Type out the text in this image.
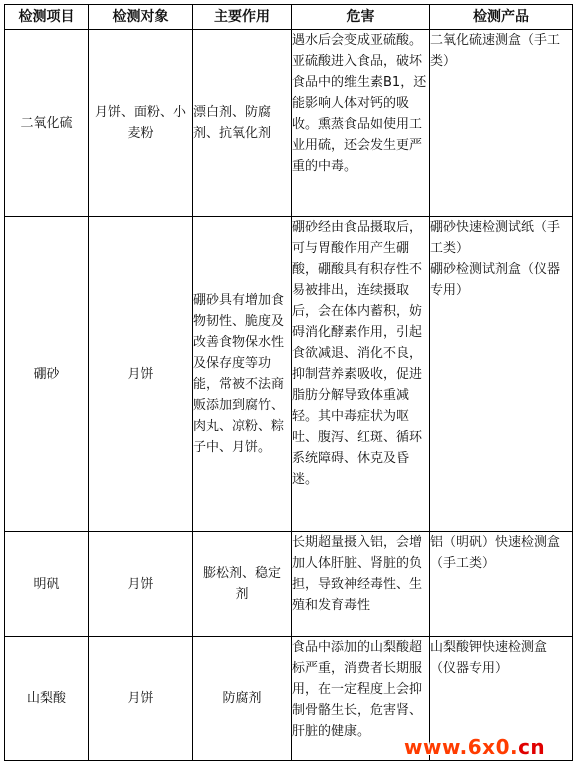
检测项目	检测对象	主要作用	危害	检测产品
二氧化硫	月饼、面粉、小麦粉	漂白剂、防腐剂、抗氧化剂	遇水后会变成亚硫酸。亚硫酸进入食品，破坏食品中的维生素B1，还能影响人体对钙的吸收。熏蒸食品如使用工业用硫，还会发生更严重的中毒。	二氧化硫速测盒（手工类）

硼砂	月饼	硼砂具有增加食物韧性、脆度及改善食物保水性及保存度等功能，常被不法商贩添加到腐竹、肉丸、凉粉、粽子中、月饼。	硼砂经由食品摄取后，可与胃酸作用产生硼酸，硼酸具有积存性不易被排出，连续摄取后，会在体内蓄积，妨碍消化酵素作用，引起食欲减退、消化不良，抑制营养素吸收，促进脂肪分解导致体重减轻。其中毒症状为呕吐、腹泻、红斑、循环系统障碍、休克及昏迷。	硼砂快速检测试纸（手工类）
硼砂检测试剂盒（仪器专用）

明矾	月饼	膨松剂、稳定剂	长期超量摄入铝，会增加人体肝脏、肾脏的负担，导致神经毒性、生殖和发育毒性	铝（明矾）快速检测盒（手工类）

山梨酸	月饼	防腐剂	食品中添加的山梨酸超标严重，消费者长期服用，在一定程度上会抑制骨骼生长，危害肾、肝脏的健康。	山梨酸钾快速检测盒（仪器专用）
www.6x0.cn
